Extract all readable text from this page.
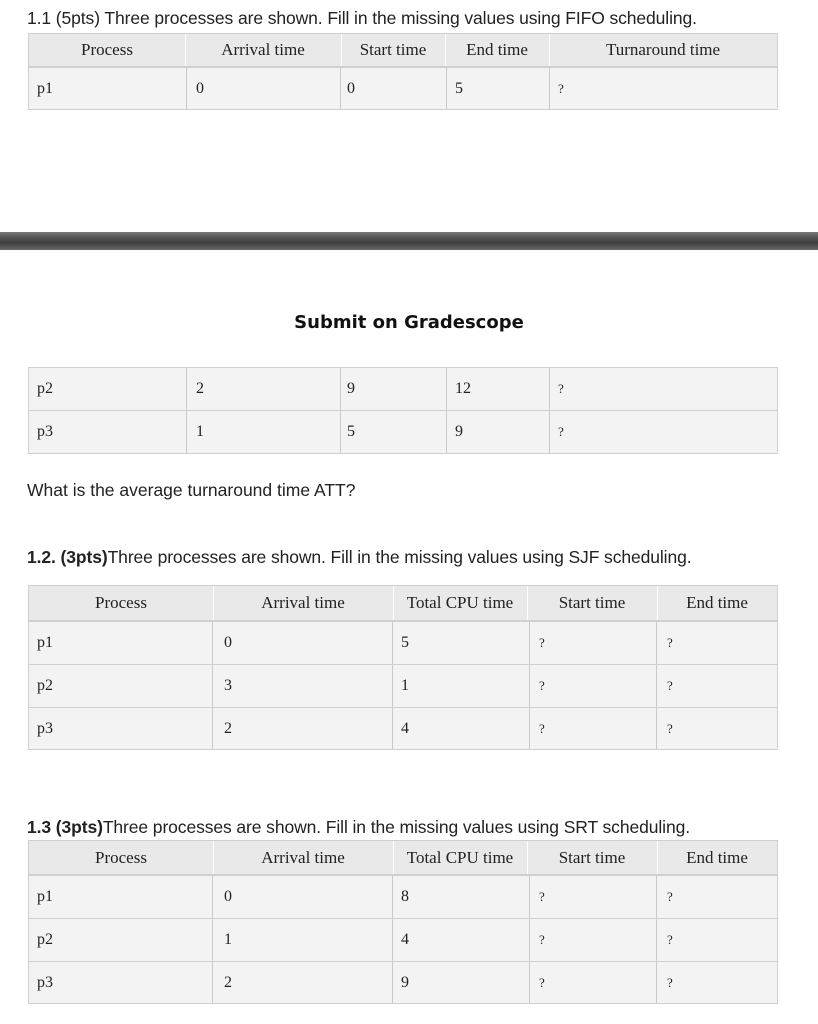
1.1 (5pts) Three processes are shown. Fill in the missing values using FIFO scheduling.
Process	Arrival time	Start time	End time	Turnaround time
p1	0	0	5	?
Submit on Gradescope
p2	2	9	12	?
p3	1	5	9	?
What is the average turnaround time ATT?
1.2. (3pts)Three processes are shown. Fill in the missing values using SJF scheduling.
Process	Arrival time	Total CPU time	Start time	End time
p1	0	5	?	?
p2	3	1	?	?
p3	2	4	?	?
1.3 (3pts)Three processes are shown. Fill in the missing values using SRT scheduling.
Process	Arrival time	Total CPU time	Start time	End time
p1	0	8	?	?
p2	1	4	?	?
p3	2	9	?	?
